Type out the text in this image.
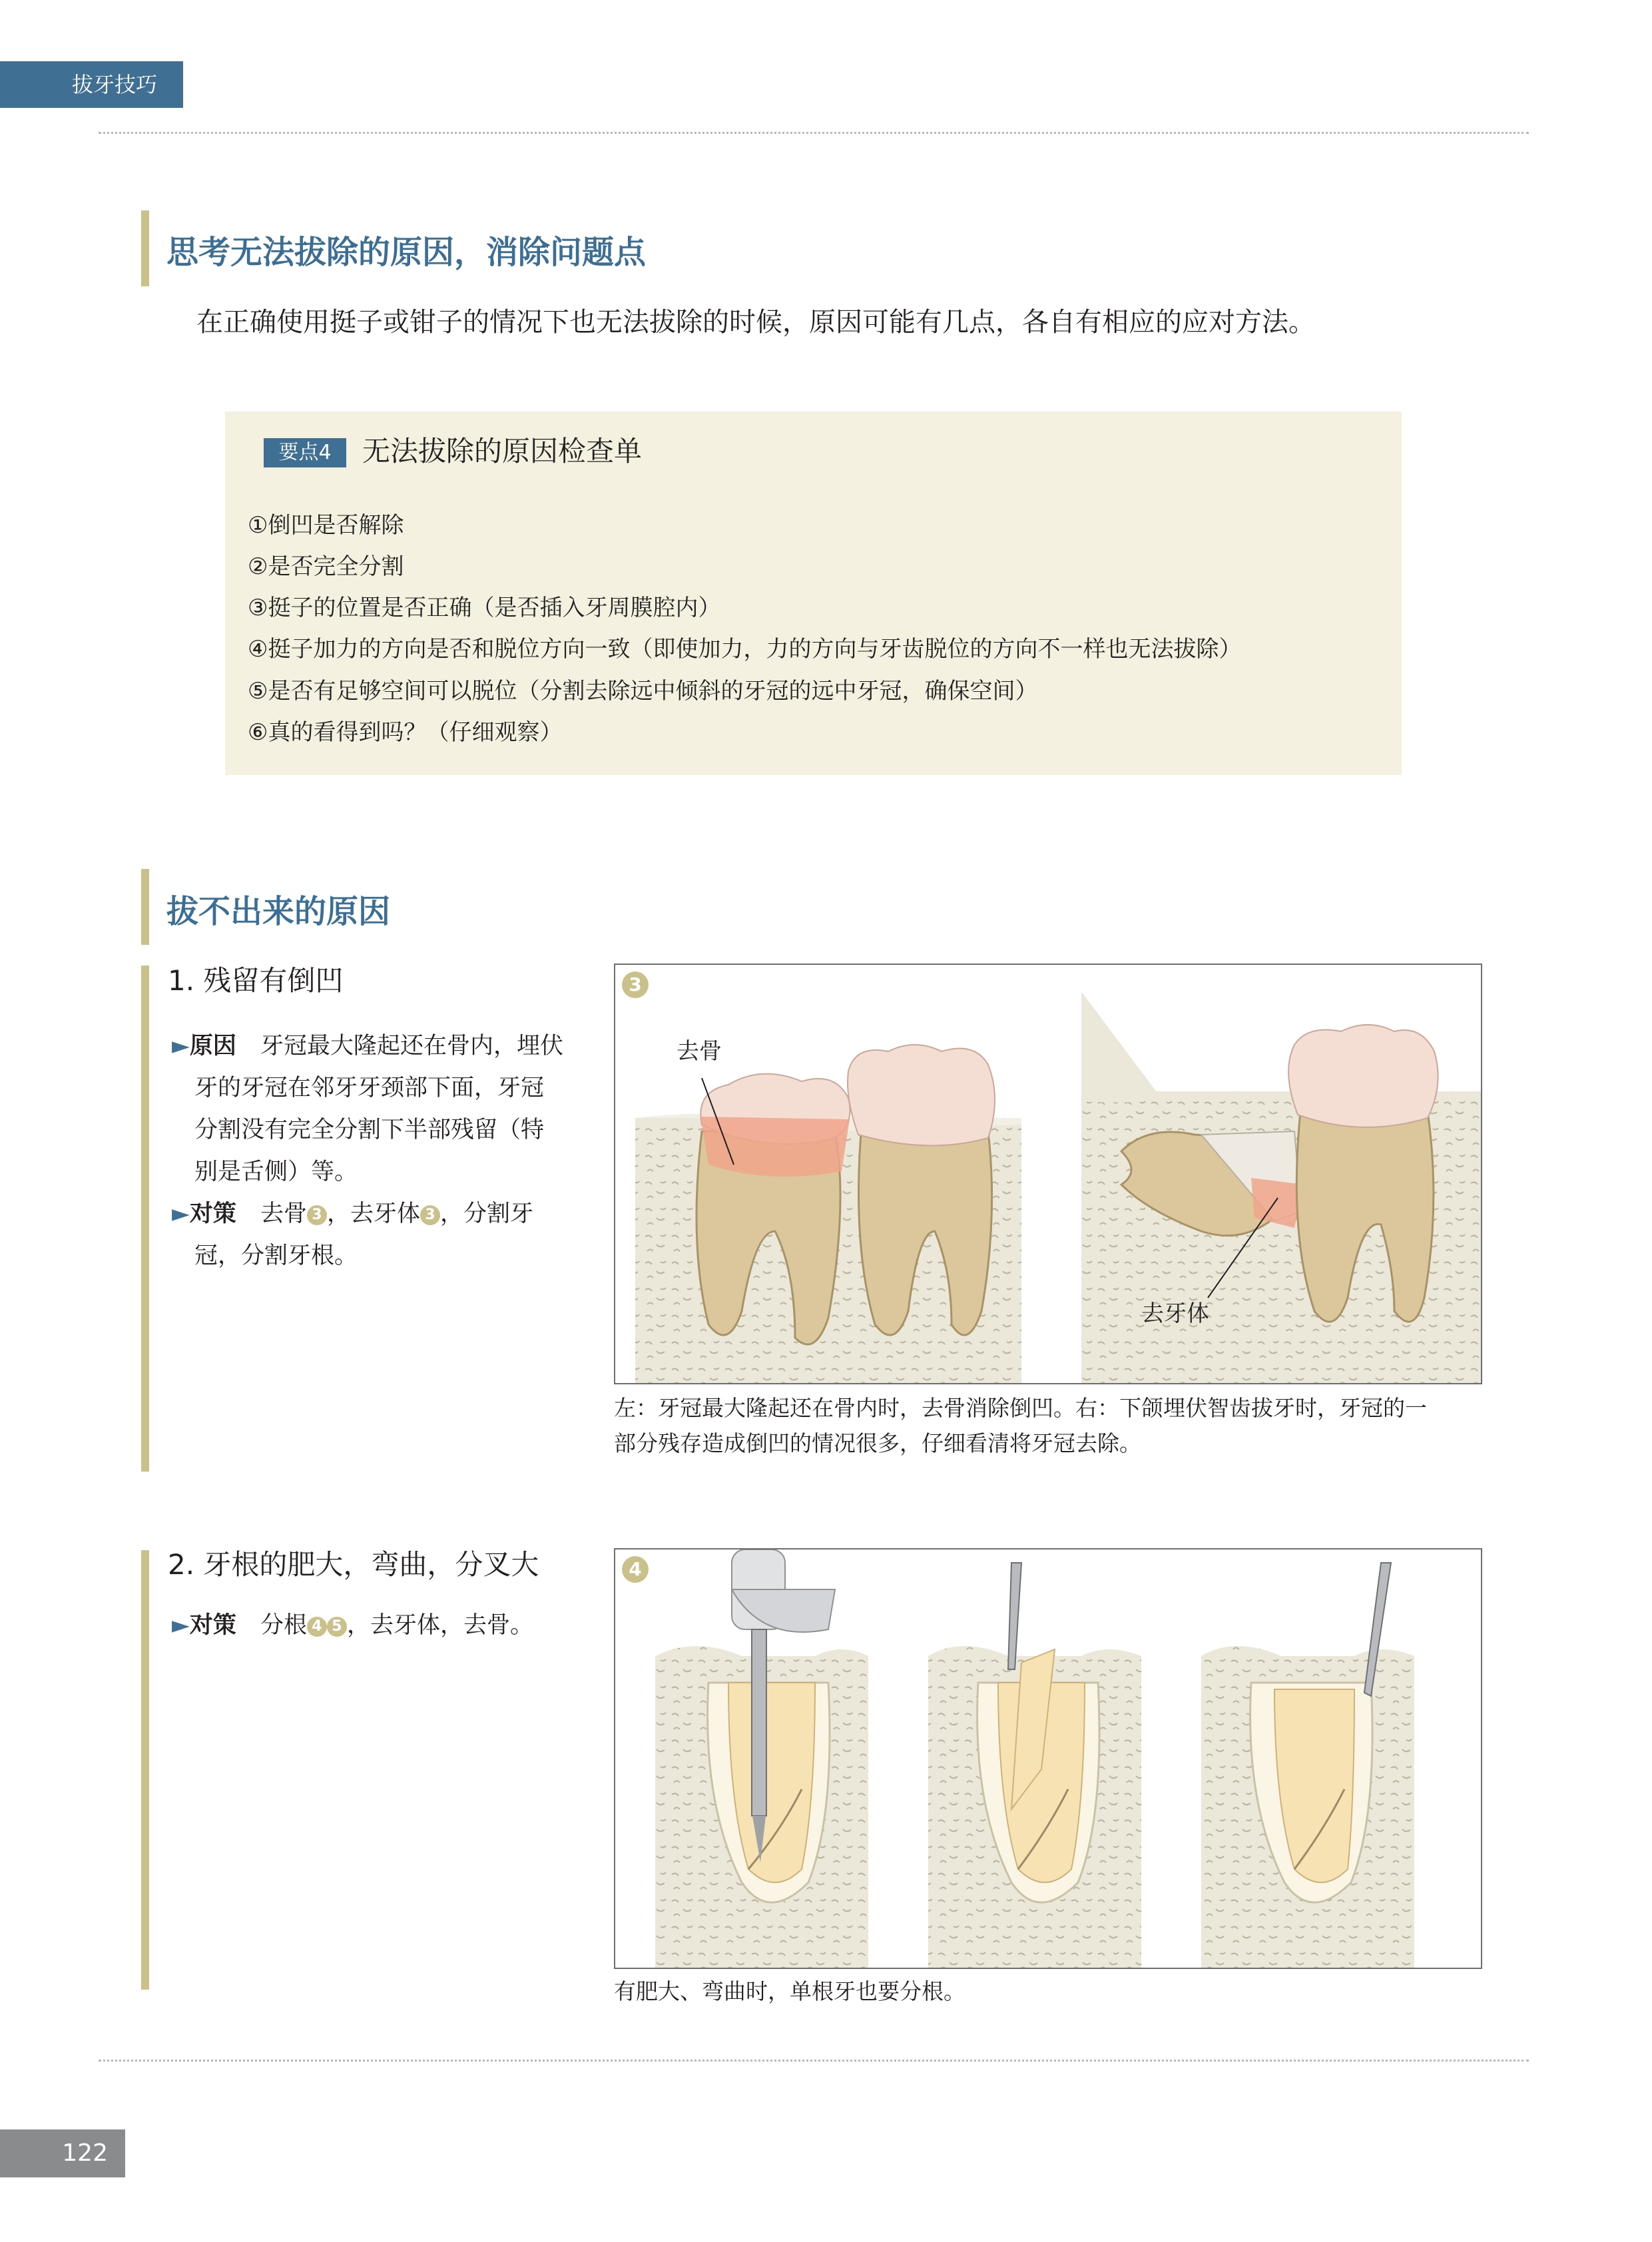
拔牙技巧
思考无法拔除的原因，消除问题点
在正确使用挺子或钳子的情况下也无法拔除的时候，原因可能有几点，各自有相应的应对方法。
要点4	无法拔除的原因检查单
①倒凹是否解除
②是否完全分割
③挺子的位置是否正确（是否插入牙周膜腔内）
④挺子加力的方向是否和脱位方向一致（即使加力，力的方向与牙齿脱位的方向不一样也无法拔除）
⑤是否有足够空间可以脱位（分割去除远中倾斜的牙冠的远中牙冠，确保空间）
⑥真的看得到吗？（仔细观察）
拔不出来的原因
1. 残留有倒凹
►原因 牙冠最大隆起还在骨内，埋伏
牙的牙冠在邻牙牙颈部下面，牙冠
分割没有完全分割下半部残留（特
别是舌侧）等。
►对策 去骨 3 ，去牙体 3 ，分割牙
冠，分割牙根。
3
去骨
去牙体
左：牙冠最大隆起还在骨内时，去骨消除倒凹。右：下颌埋伏智齿拔牙时，牙冠的一
部分残存造成倒凹的情况很多，仔细看清将牙冠去除。
2. 牙根的肥大，弯曲，分叉大
►对策 分根 4 5 ，去牙体，去骨。
4
有肥大、弯曲时，单根牙也要分根。
122
